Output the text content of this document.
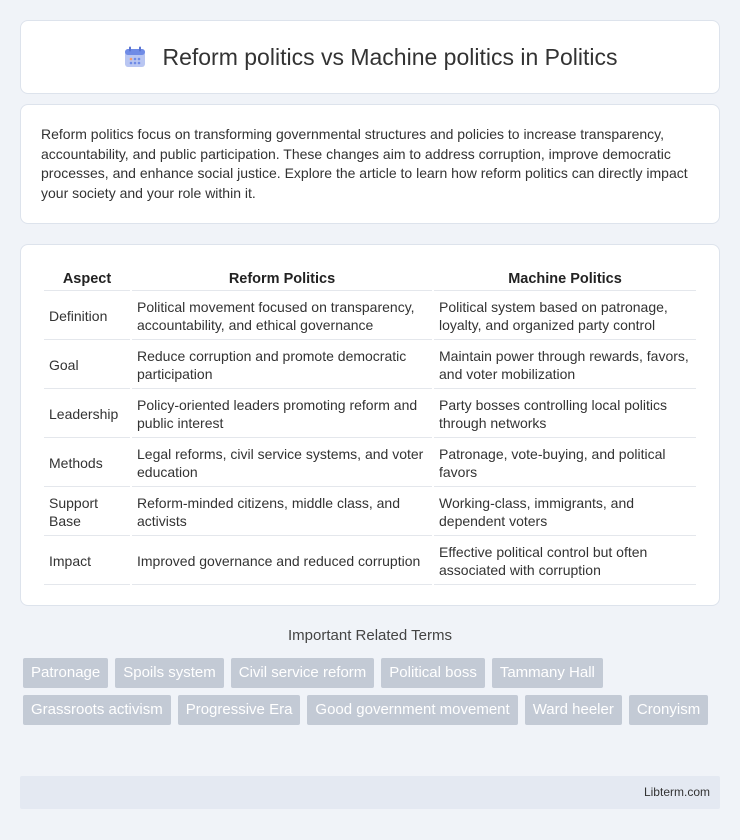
Reform politics vs Machine politics in Politics

Reform politics focus on transforming governmental structures and policies to increase transparency, accountability, and public participation. These changes aim to address corruption, improve democratic processes, and enhance social justice. Explore the article to learn how reform politics can directly impact your society and your role within it.

Aspect	Reform Politics	Machine Politics
Definition	Political movement focused on transparency, accountability, and ethical governance	Political system based on patronage, loyalty, and organized party control
Goal	Reduce corruption and promote democratic participation	Maintain power through rewards, favors, and voter mobilization
Leadership	Policy-oriented leaders promoting reform and public interest	Party bosses controlling local politics through networks
Methods	Legal reforms, civil service systems, and voter education	Patronage, vote-buying, and political favors
Support Base	Reform-minded citizens, middle class, and activists	Working-class, immigrants, and dependent voters
Impact	Improved governance and reduced corruption	Effective political control but often associated with corruption
Important Related Terms
Patronage	Spoils system	Civil service reform	Political boss	Tammany Hall
Grassroots activism	Progressive Era	Good government movement	Ward heeler	Cronyism
Libterm.com
